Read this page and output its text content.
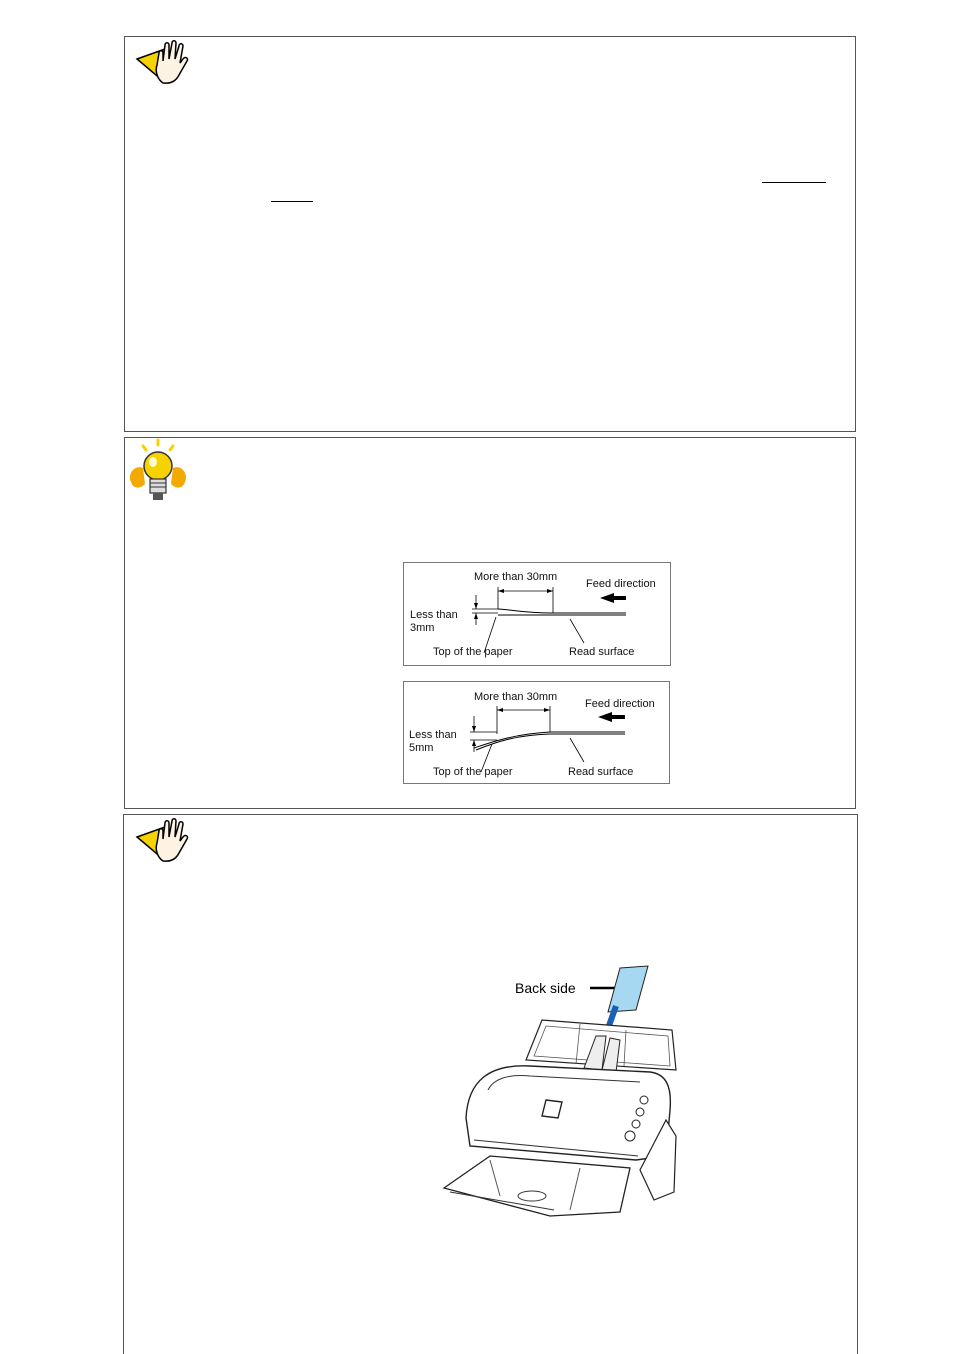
More than 30mm
Feed direction
Less than 3mm
Top of the paper	Read surface
More than 30mm
Feed direction
Less than 5mm
Top of the paper	Read surface
Back side
